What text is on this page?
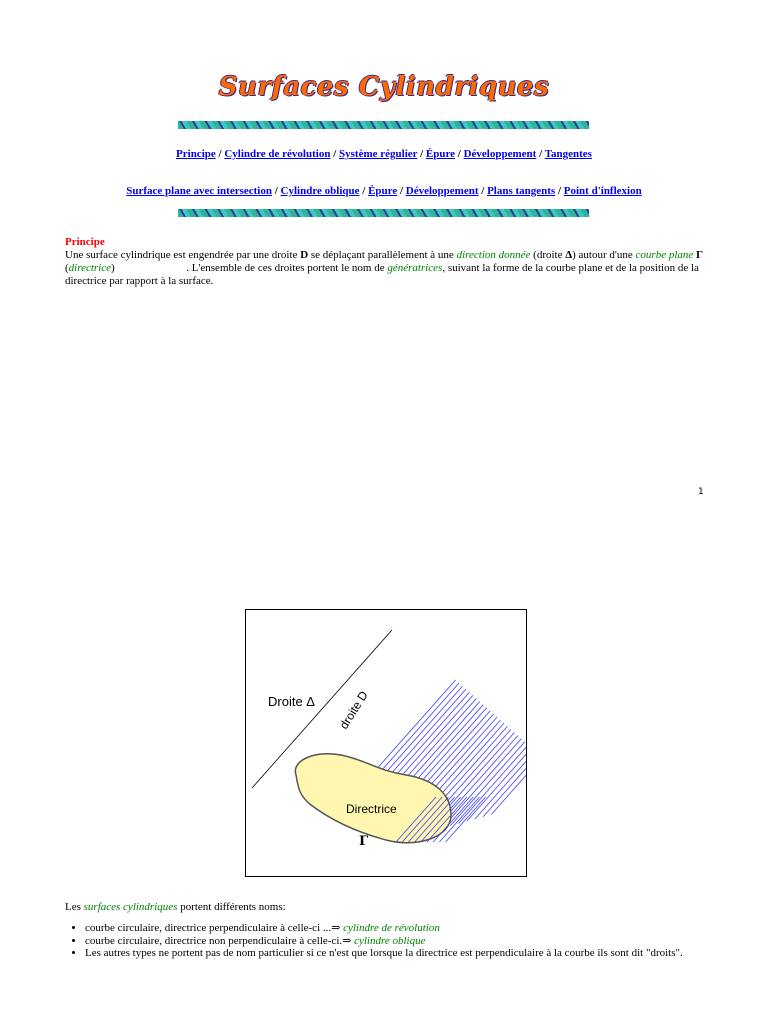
Surfaces Cylindriques
Principe / Cylindre de révolution / Système régulier / Épure / Développement / Tangentes
Surface plane avec intersection / Cylindre oblique / Épure / Développement / Plans tangents / Point d'inflexion
Principe
Une surface cylindrique est engendrée par une droite D se déplaçant parallèlement à une direction donnée (droite Δ) autour d'une courbe plane Γ (directrice)                          . L'ensemble de ces droites portent le nom de génératrices, suivant la forme de la courbe plane et de la position de la directrice par rapport à la surface.
1
Droite Δ droite D
Directrice
Γ
Les surfaces cylindriques portent différents noms:
• courbe circulaire, directrice perpendiculaire à celle-ci ...⇒ cylindre de révolution
• courbe circulaire, directrice non perpendiculaire à celle-ci.⇒ cylindre oblique
• Les autres types ne portent pas de nom particulier si ce n'est que lorsque la directrice est perpendiculaire à la courbe ils sont dit "droits".
